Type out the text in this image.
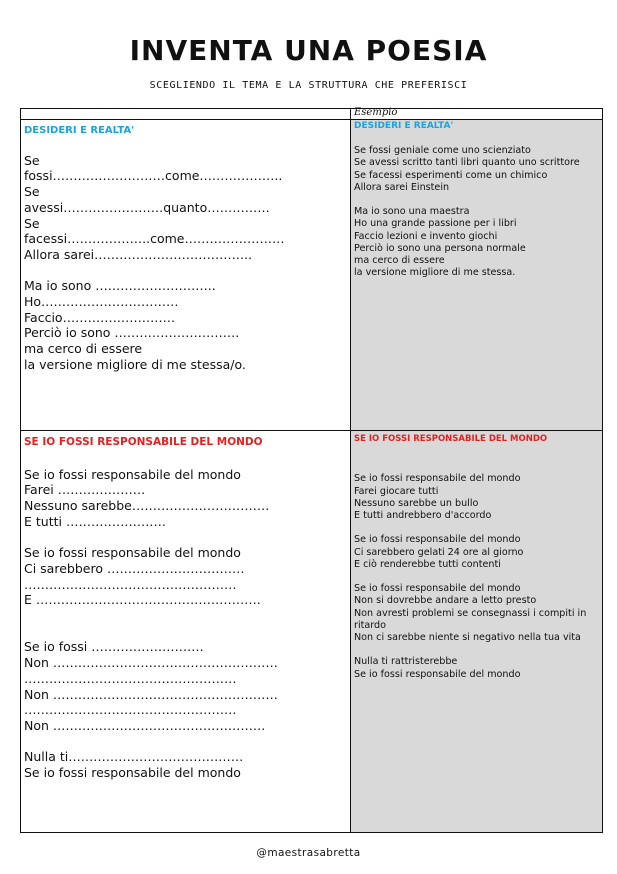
INVENTA UNA POESIA
SCEGLIENDO IL TEMA E LA STRUTTURA CHE PREFERISCI
Esempio
DESIDERI E REALTA'

Se
fossi………………………come………………..
Se
avessi……………………quanto……………
Se
facessi………………..come……………………
Allora sarei………………………………..

Ma io sono ………………………..
Ho……………………………
Faccio………………………
Perciò io sono …………………………
ma cerco di essere
la versione migliore di me stessa/o.
DESIDERI E REALTA'

Se fossi geniale come uno scienziato
Se avessi scritto tanti libri quanto uno scrittore
Se facessi esperimenti come un chimico
Allora sarei Einstein

Ma io sono una maestra
Ho una grande passione per i libri
Faccio lezioni e invento giochi
Perciò io sono una persona normale
ma cerco di essere
la versione migliore di me stessa.
SE IO FOSSI RESPONSABILE DEL MONDO

Se io fossi responsabile del mondo
Farei …………………
Nessuno sarebbe……………………………
E tutti ……………………

Se io fossi responsabile del mondo
Ci sarebbero ……………………………
……………………………………………
E ………………………………………………

Se io fossi ………………………
Non ………………………………………………
……………………………………………
Non ………………………………………………
……………………………………………
Non ……………………………………………

Nulla ti……………………………………
Se io fossi responsabile del mondo
SE IO FOSSI RESPONSABILE DEL MONDO

Se io fossi responsabile del mondo
Farei giocare tutti
Nessuno sarebbe un bullo
E tutti andrebbero d'accordo

Se io fossi responsabile del mondo
Ci sarebbero gelati 24 ore al giorno
E ciò renderebbe tutti contenti

Se io fossi responsabile del mondo
Non si dovrebbe andare a letto presto
Non avresti problemi se consegnassi i compiti in ritardo
Non ci sarebbe niente si negativo nella tua vita

Nulla ti rattristerebbe
Se io fossi responsabile del mondo
@maestrasabretta
